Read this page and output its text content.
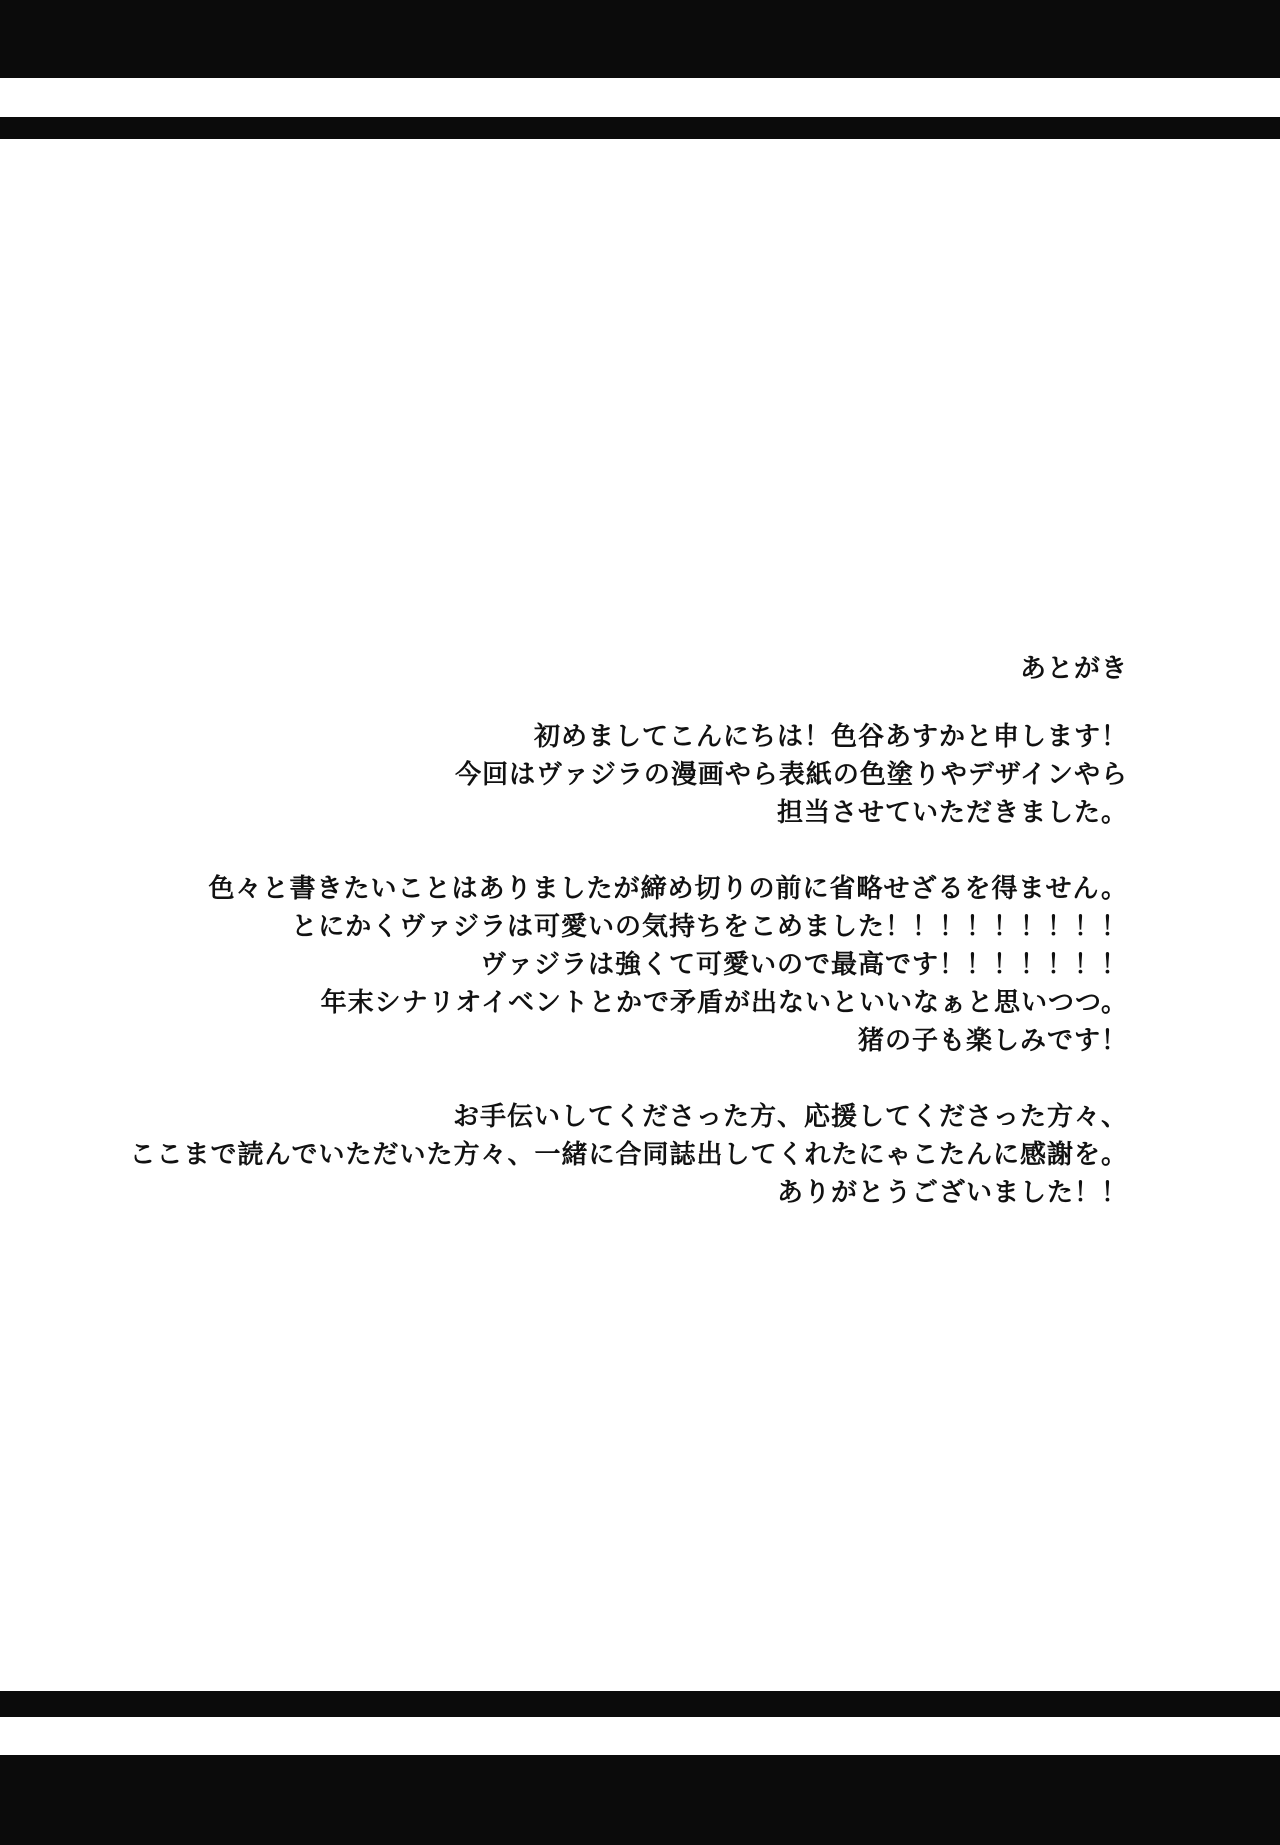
あとがき
初めましてこんにちは！色谷あすかと申します！
今回はヴァジラの漫画やら表紙の色塗りやデザインやら
担当させていただきました。
色々と書きたいことはありましたが締め切りの前に省略せざるを得ません。
とにかくヴァジラは可愛いの気持ちをこめました！！！！！！！！！
ヴァジラは強くて可愛いので最高です！！！！！！！
年末シナリオイベントとかで矛盾が出ないといいなぁと思いつつ。
猪の子も楽しみです！
お手伝いしてくださった方、応援してくださった方々、
ここまで読んでいただいた方々、一緒に合同誌出してくれたにゃこたんに感謝を。
ありがとうございました！！
